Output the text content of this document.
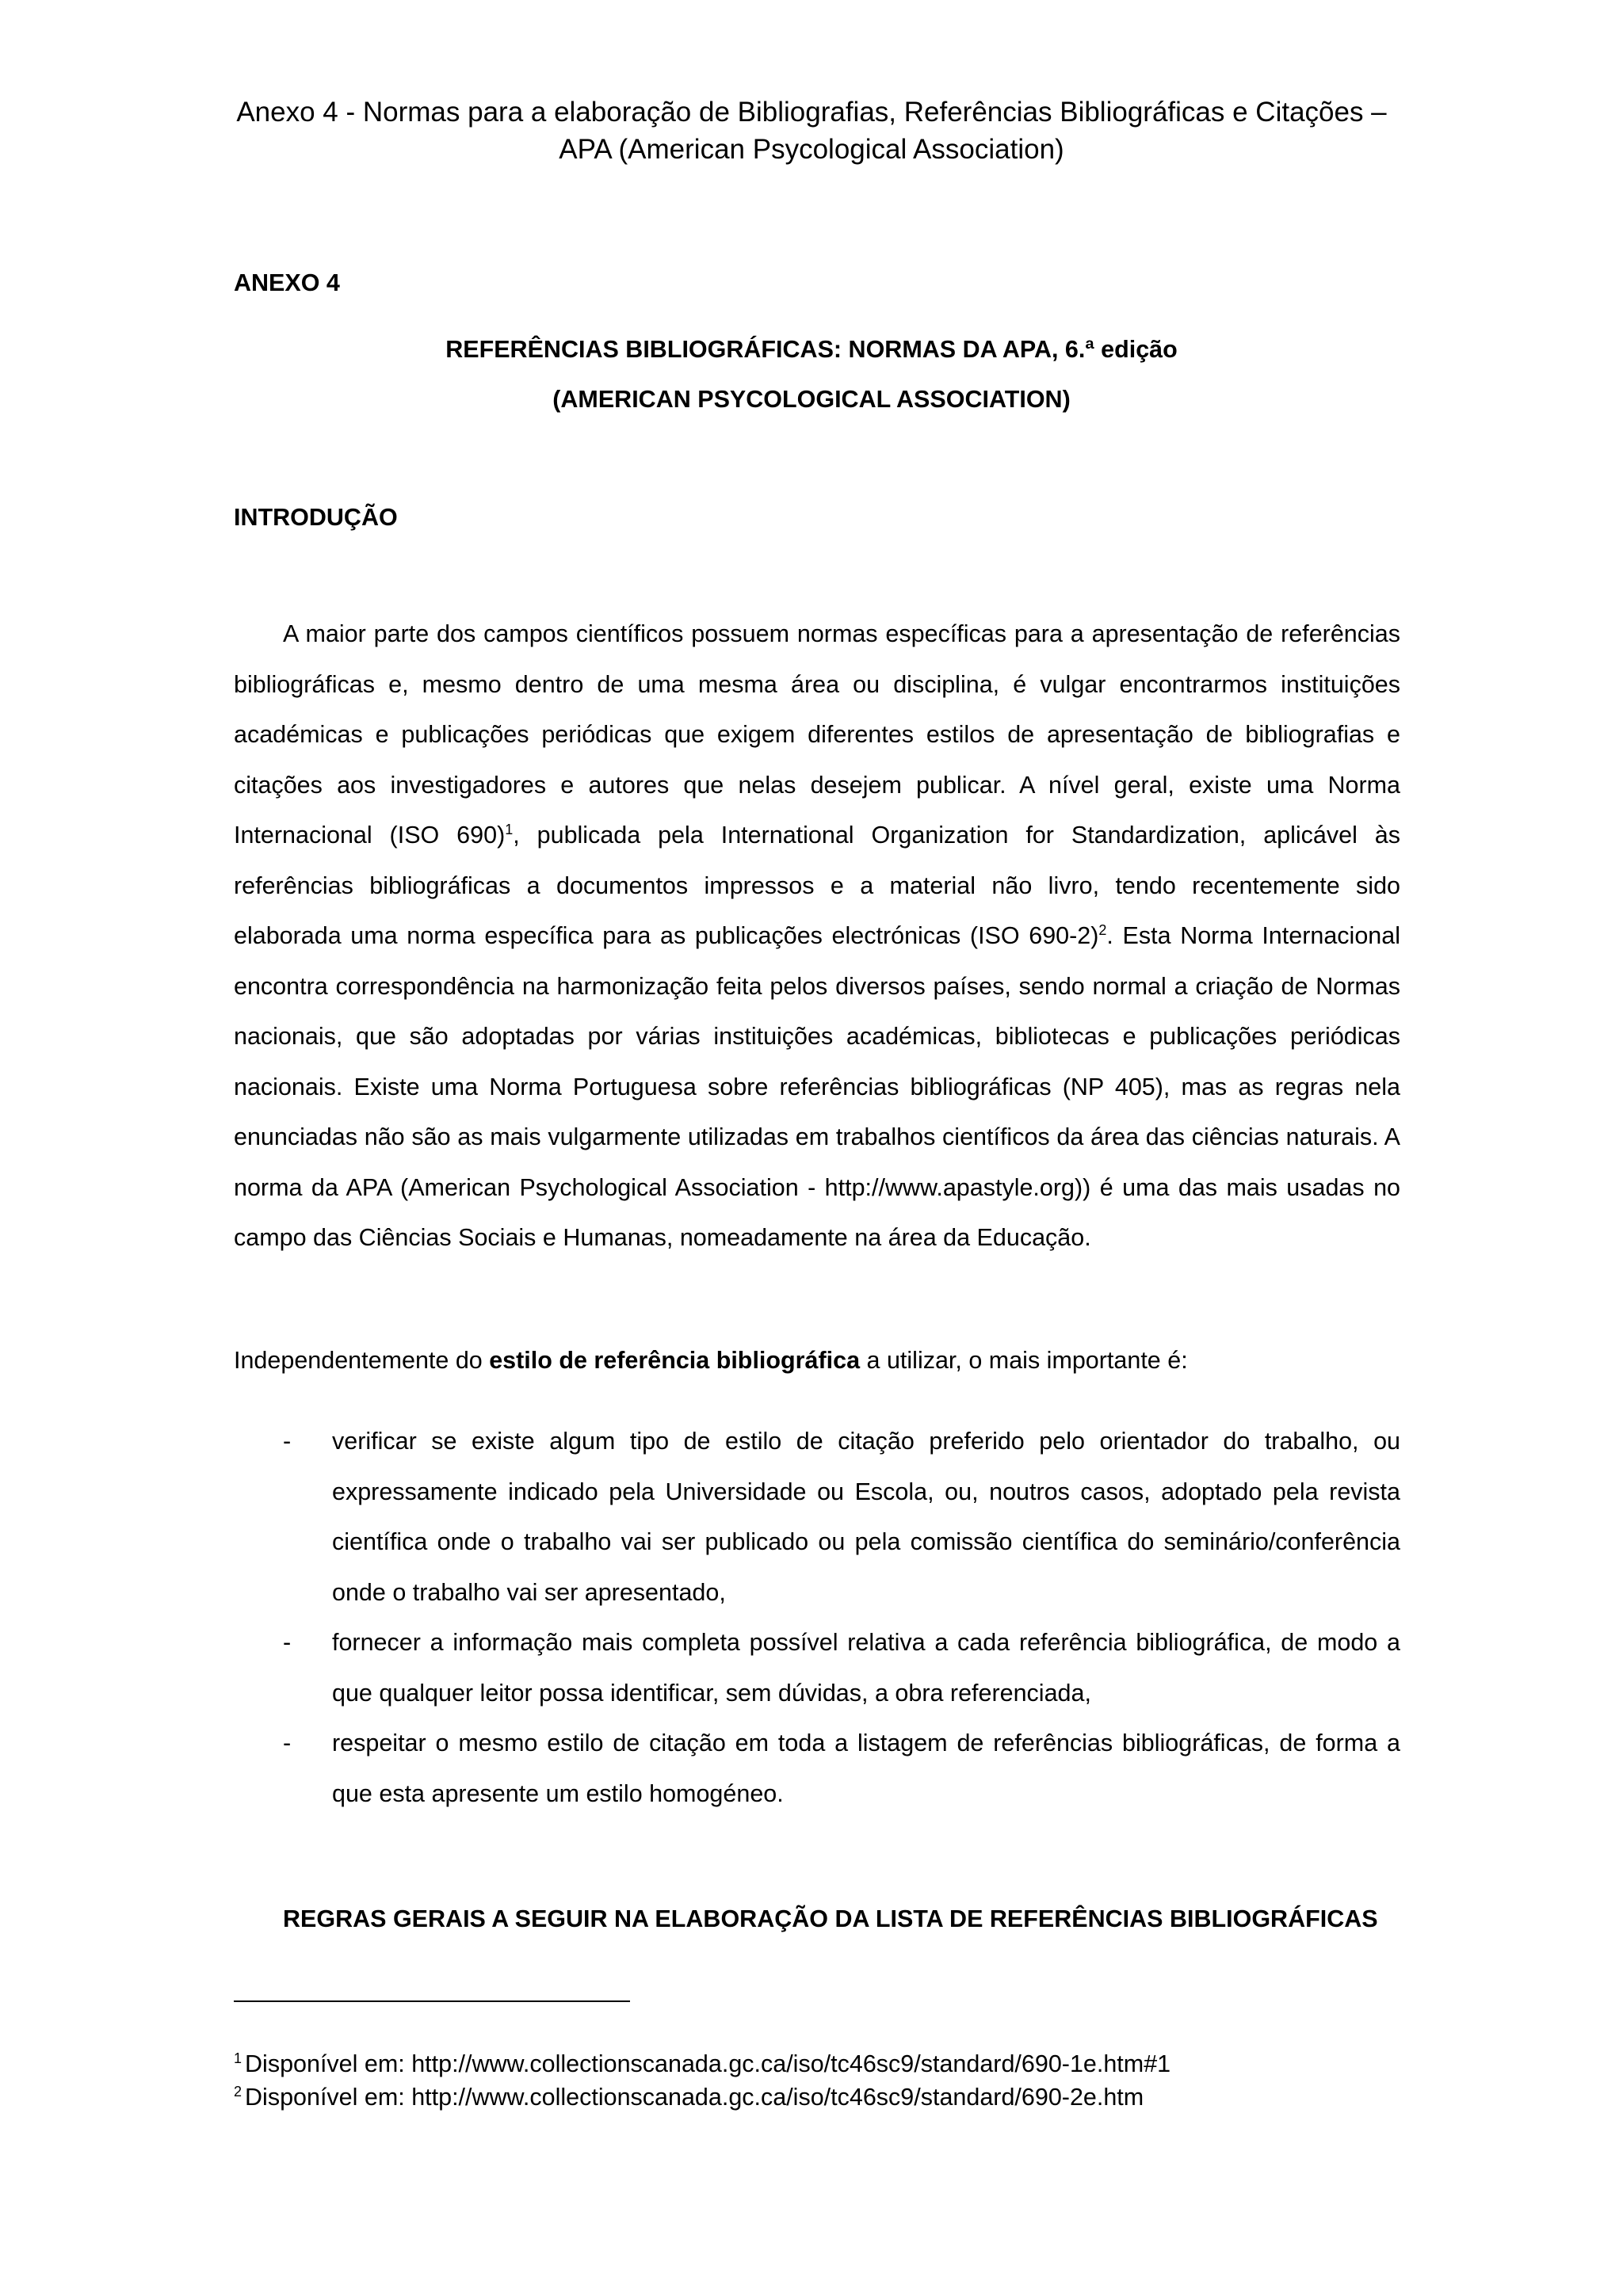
Anexo 4 - Normas para a elaboração de Bibliografias, Referências Bibliográficas e Citações –
APA (American Psycological Association)
ANEXO 4
REFERÊNCIAS BIBLIOGRÁFICAS: NORMAS DA APA, 6.ª edição
(AMERICAN PSYCOLOGICAL ASSOCIATION)
INTRODUÇÃO
A maior parte dos campos científicos possuem normas específicas para a apresentação de referências bibliográficas e, mesmo dentro de uma mesma área ou disciplina, é vulgar encontrarmos instituições académicas e publicações periódicas que exigem diferentes estilos de apresentação de bibliografias e citações aos investigadores e autores que nelas desejem publicar. A nível geral, existe uma Norma Internacional (ISO 690)$^1$, publicada pela International Organization for Standardization, aplicável às referências bibliográficas a documentos impressos e a material não livro, tendo recentemente sido elaborada uma norma específica para as publicações electrónicas (ISO 690-2)$^2$. Esta Norma Internacional encontra correspondência na harmonização feita pelos diversos países, sendo normal a criação de Normas nacionais, que são adoptadas por várias instituições académicas, bibliotecas e publicações periódicas nacionais. Existe uma Norma Portuguesa sobre referências bibliográficas (NP 405), mas as regras nela enunciadas não são as mais vulgarmente utilizadas em trabalhos científicos da área das ciências naturais. A norma da APA (American Psychological Association - http://www.apastyle.org)) é uma das mais usadas no campo das Ciências Sociais e Humanas, nomeadamente na área da Educação.
Independentemente do estilo de referência bibliográfica a utilizar, o mais importante é:
- verificar se existe algum tipo de estilo de citação preferido pelo orientador do trabalho, ou expressamente indicado pela Universidade ou Escola, ou, noutros casos, adoptado pela revista científica onde o trabalho vai ser publicado ou pela comissão científica do seminário/conferência onde o trabalho vai ser apresentado,
- fornecer a informação mais completa possível relativa a cada referência bibliográfica, de modo a que qualquer leitor possa identificar, sem dúvidas, a obra referenciada,
- respeitar o mesmo estilo de citação em toda a listagem de referências bibliográficas, de forma a que esta apresente um estilo homogéneo.
REGRAS GERAIS A SEGUIR NA ELABORAÇÃO DA LISTA DE REFERÊNCIAS BIBLIOGRÁFICAS
$^1$ Disponível em: http://www.collectionscanada.gc.ca/iso/tc46sc9/standard/690-1e.htm#1
$^2$ Disponível em: http://www.collectionscanada.gc.ca/iso/tc46sc9/standard/690-2e.htm
